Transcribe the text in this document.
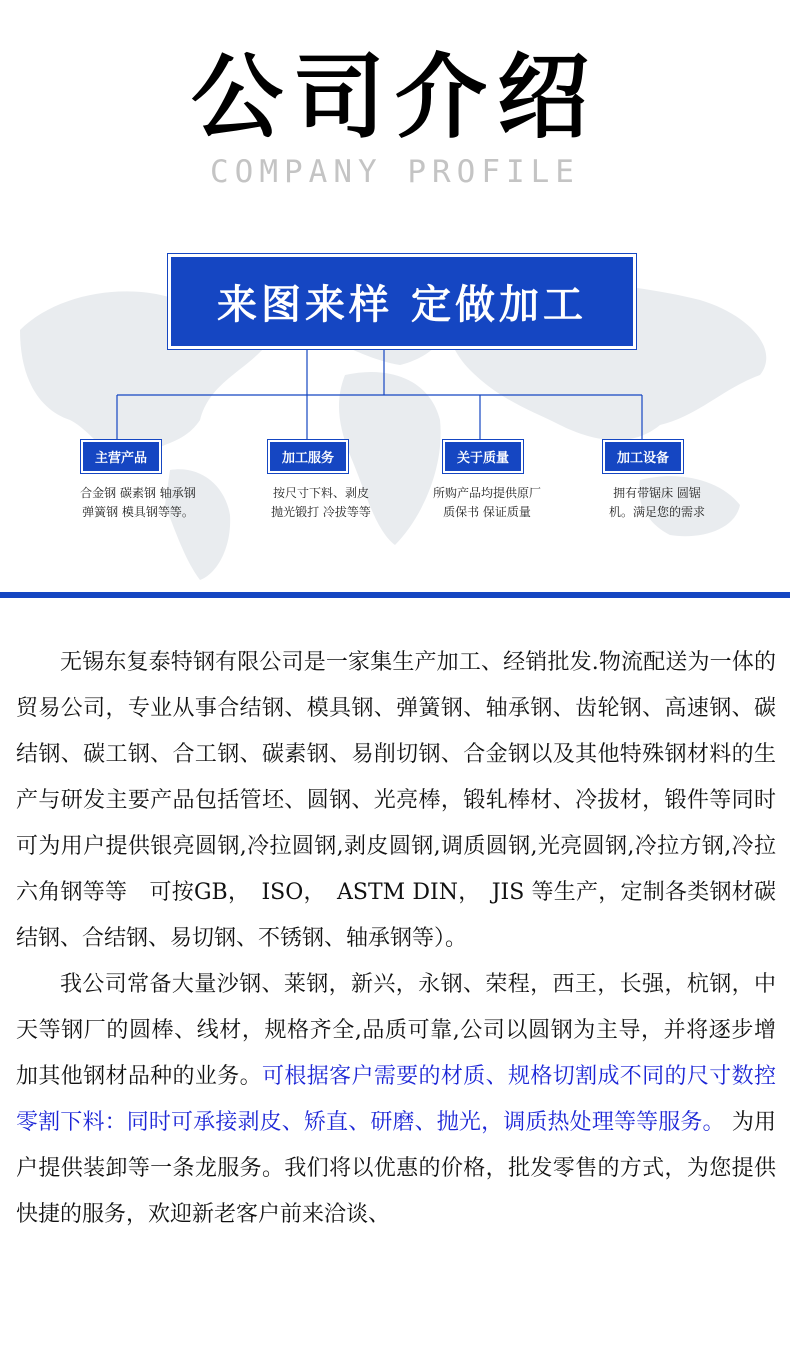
公司介绍
COMPANY PROFILE
来图来样 定做加工
主营产品	加工服务	关于质量	加工设备
合金钢 碳素钢 轴承钢
弹簧钢 模具钢等等。
按尺寸下料、剥皮
抛光锻打 冷拔等等
所购产品均提供原厂
质保书 保证质量
拥有带锯床 圆锯
机。满足您的需求

无锡东复泰特钢有限公司是一家集生产加工、经销批发.物流配送为一体的贸易公司，专业从事合结钢、模具钢、弹簧钢、轴承钢、齿轮钢、高速钢、碳结钢、碳工钢、合工钢、碳素钢、易削切钢、合金钢以及其他特殊钢材料的生产与研发主要产品包括管坯、圆钢、光亮棒，锻轧棒材、冷拔材，锻件等同时可为用户提供银亮圆钢,冷拉圆钢,剥皮圆钢,调质圆钢,光亮圆钢,冷拉方钢,冷拉六角钢等等　可按GB，　ISO，　ASTM DIN，　JIS 等生产，定制各类钢材碳结钢、合结钢、易切钢、不锈钢、轴承钢等）。

我公司常备大量沙钢、莱钢，新兴，永钢、荣程，西王，长强，杭钢，中天等钢厂的圆棒、线材，规格齐全,品质可靠,公司以圆钢为主导，并将逐步增加其他钢材品种的业务。可根据客户需要的材质、规格切割成不同的尺寸数控零割下料：同时可承接剥皮、矫直、研磨、抛光，调质热处理等等服务。 为用户提供装卸等一条龙服务。我们将以优惠的价格，批发零售的方式，为您提供快捷的服务，欢迎新老客户前来洽谈、
